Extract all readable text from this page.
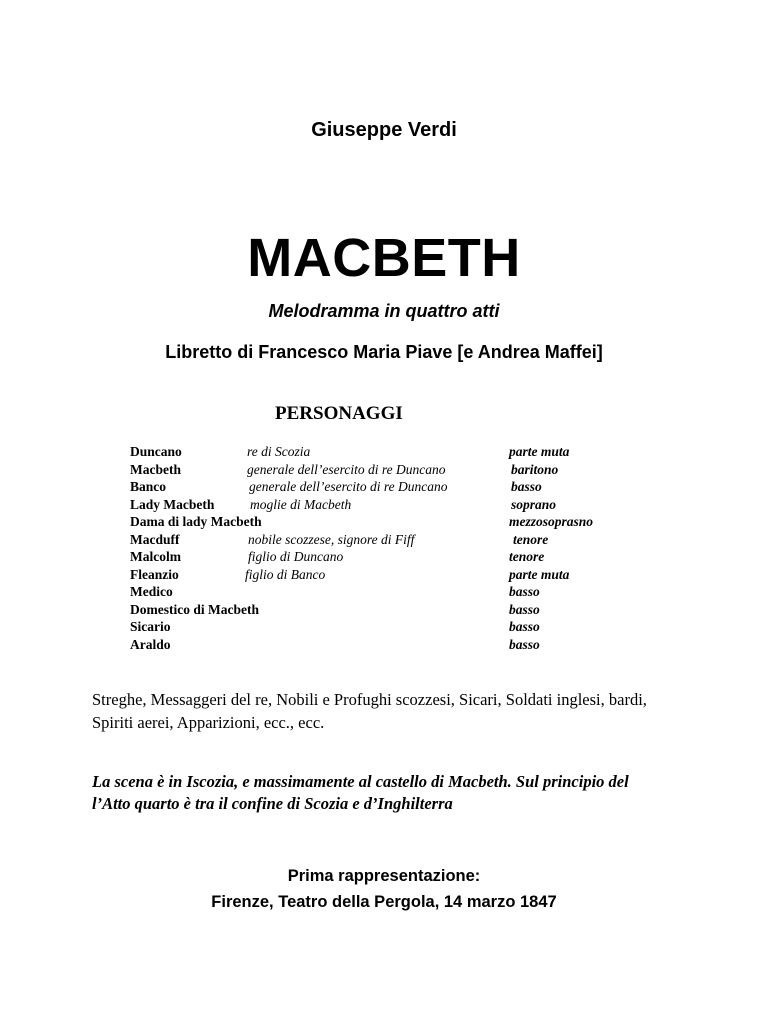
Giuseppe Verdi
MACBETH
Melodramma in quattro atti
Libretto di Francesco Maria Piave [e Andrea Maffei]
PERSONAGGI
Duncano	re di Scozia	parte muta
Macbeth	generale dell’esercito di re Duncano	baritono
Banco	generale dell’esercito di re Duncano	basso
Lady Macbeth	moglie di Macbeth	soprano
Dama di lady Macbeth	mezzosoprasno
Macduff	nobile scozzese, signore di Fiff	tenore
Malcolm	figlio di Duncano	tenore
Fleanzio	figlio di Banco	parte muta
Medico	basso
Domestico di Macbeth	basso
Sicario	basso
Araldo	basso
Streghe, Messaggeri del re, Nobili e Profughi scozzesi, Sicari, Soldati inglesi, bardi,
Spiriti aerei, Apparizioni, ecc., ecc.
La scena è in Iscozia, e massimamente al castello di Macbeth. Sul principio del
l’Atto quarto è tra il confine di Scozia e d’Inghilterra
Prima rappresentazione:
Firenze, Teatro della Pergola, 14 marzo 1847
